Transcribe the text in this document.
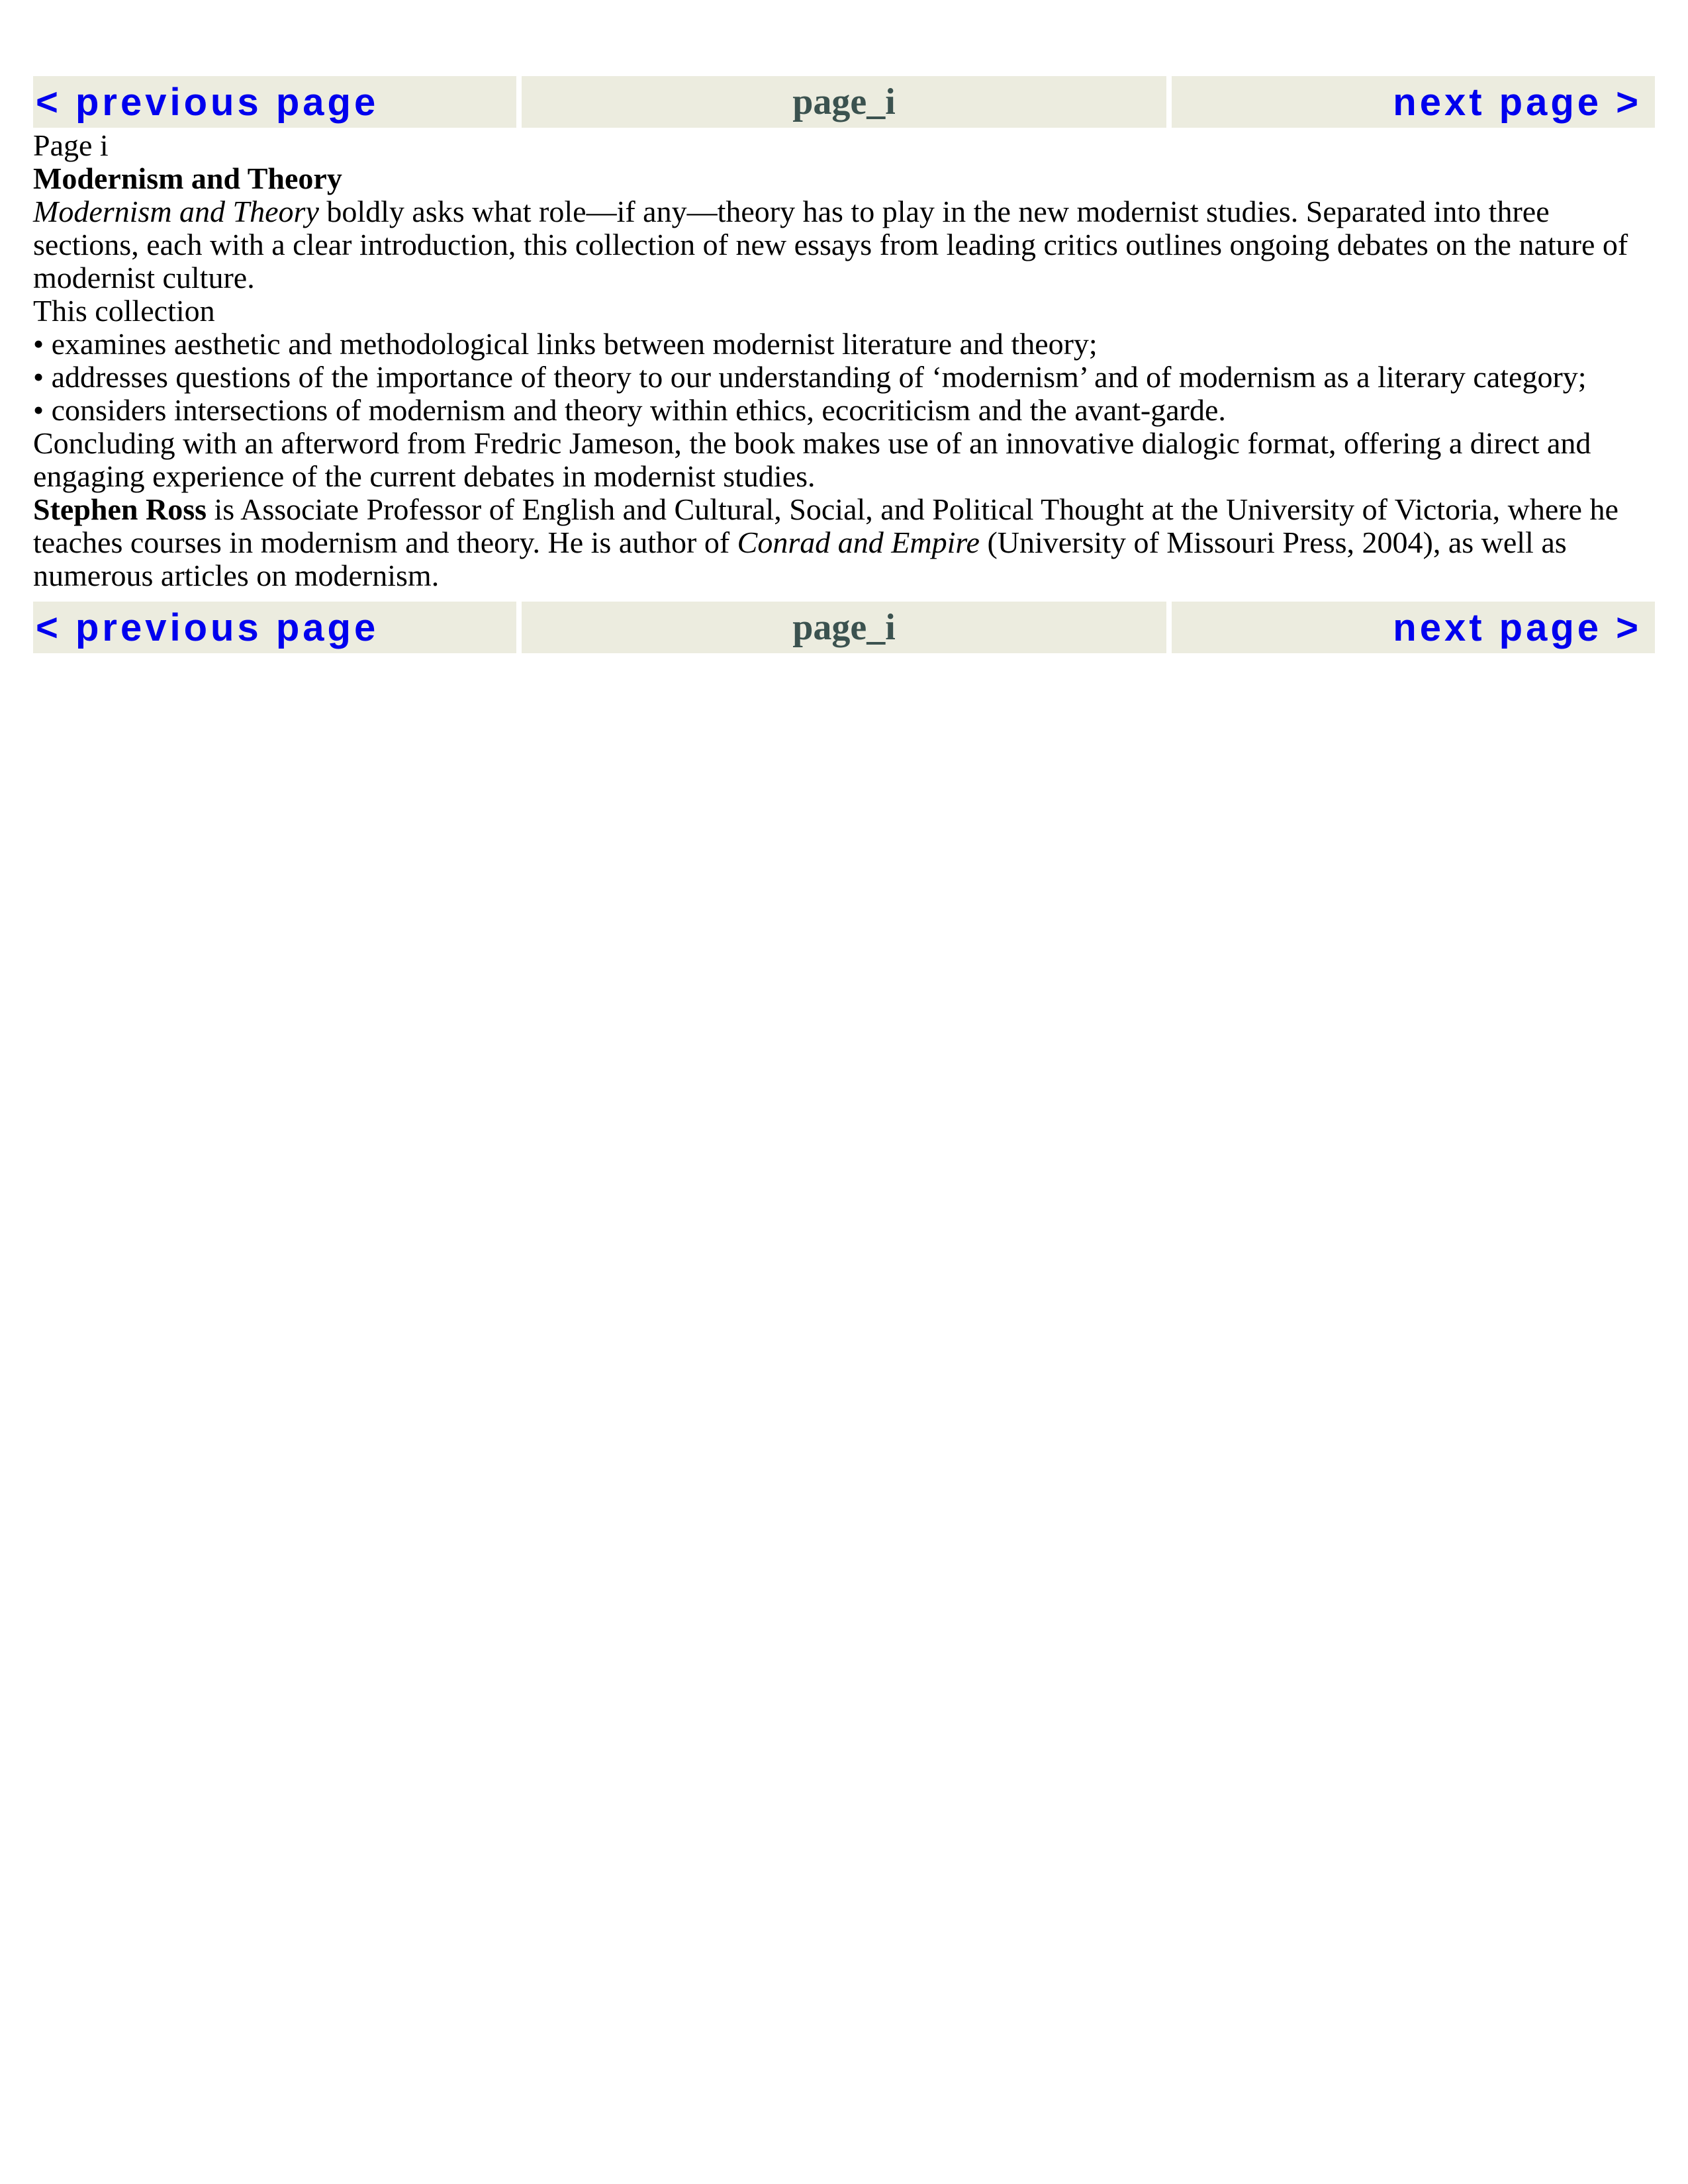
< previous page	page_i	next page >

Page i

Modernism and Theory

Modernism and Theory boldly asks what role—if any—theory has to play in the new modernist studies. Separated into three sections, each with a clear introduction, this collection of new essays from leading critics outlines ongoing debates on the nature of modernist culture.

This collection

• examines aesthetic and methodological links between modernist literature and theory;

• addresses questions of the importance of theory to our understanding of ‘modernism’ and of modernism as a literary category;

• considers intersections of modernism and theory within ethics, ecocriticism and the avant-garde.

Concluding with an afterword from Fredric Jameson, the book makes use of an innovative dialogic format, offering a direct and engaging experience of the current debates in modernist studies.

Stephen Ross is Associate Professor of English and Cultural, Social, and Political Thought at the University of Victoria, where he teaches courses in modernism and theory. He is author of Conrad and Empire (University of Missouri Press, 2004), as well as numerous articles on modernism.

< previous page	page_i	next page >
